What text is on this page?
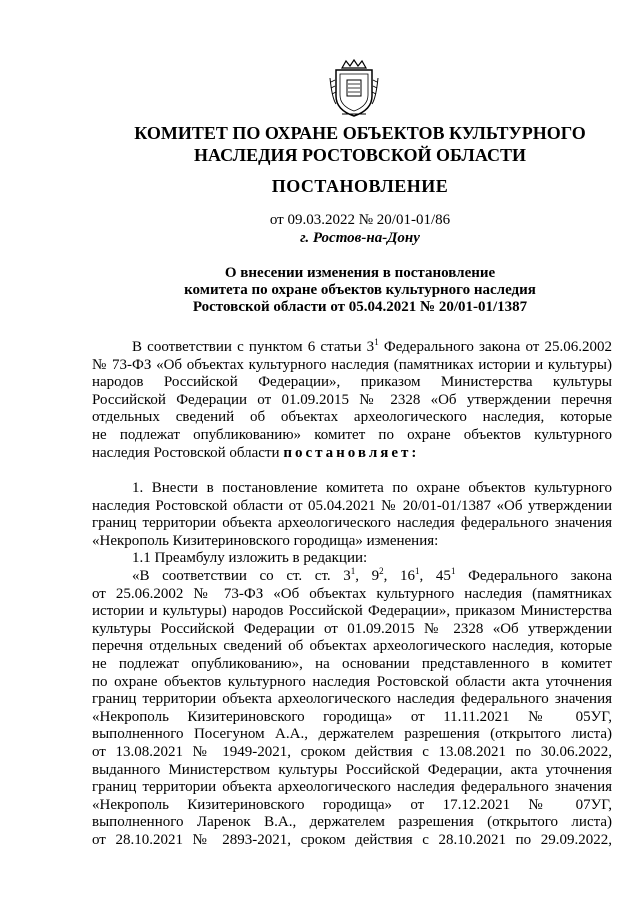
КОМИТЕТ ПО ОХРАНЕ ОБЪЕКТОВ КУЛЬТУРНОГО
НАСЛЕДИЯ РОСТОВСКОЙ ОБЛАСТИ
ПОСТАНОВЛЕНИЕ
от 09.03.2022 № 20/01-01/86
г. Ростов-на-Дону
О внесении изменения в постановление
комитета по охране объектов культурного наследия
Ростовской области от 05.04.2021 № 20/01-01/1387
В соответствии с пунктом 6 статьи $3^1$ Федерального закона от 25.06.2002
№ 73-ФЗ «Об объектах культурного наследия (памятниках истории и культуры)
народов Российской Федерации», приказом Министерства культуры
Российской Федерации от 01.09.2015 № 2328 «Об утверждении перечня
отдельных сведений об объектах археологического наследия, которые
не подлежат опубликованию» комитет по охране объектов культурного
наследия Ростовской области постановляет:
1. Внести в постановление комитета по охране объектов культурного
наследия Ростовской области от 05.04.2021 № 20/01-01/1387 «Об утверждении
границ территории объекта археологического наследия федерального значения
«Некрополь Кизитериновского городища» изменения:
1.1 Преамбулу изложить в редакции:
«В соответствии со ст. ст. $3^1$, $9^2$, $16^1$, $45^1$ Федерального закона
от 25.06.2002 № 73-ФЗ «Об объектах культурного наследия (памятниках
истории и культуры) народов Российской Федерации», приказом Министерства
культуры Российской Федерации от 01.09.2015 № 2328 «Об утверждении
перечня отдельных сведений об объектах археологического наследия, которые
не подлежат опубликованию», на основании представленного в комитет
по охране объектов культурного наследия Ростовской области акта уточнения
границ территории объекта археологического наследия федерального значения
«Некрополь Кизитериновского городища» от 11.11.2021 № 05УГ,
выполненного Посегуном А.А., держателем разрешения (открытого листа)
от 13.08.2021 № 1949-2021, сроком действия с 13.08.2021 по 30.06.2022,
выданного Министерством культуры Российской Федерации, акта уточнения
границ территории объекта археологического наследия федерального значения
«Некрополь Кизитериновского городища» от 17.12.2021 № 07УГ,
выполненного Ларенок В.А., держателем разрешения (открытого листа)
от 28.10.2021 № 2893-2021, сроком действия с 28.10.2021 по 29.09.2022,
